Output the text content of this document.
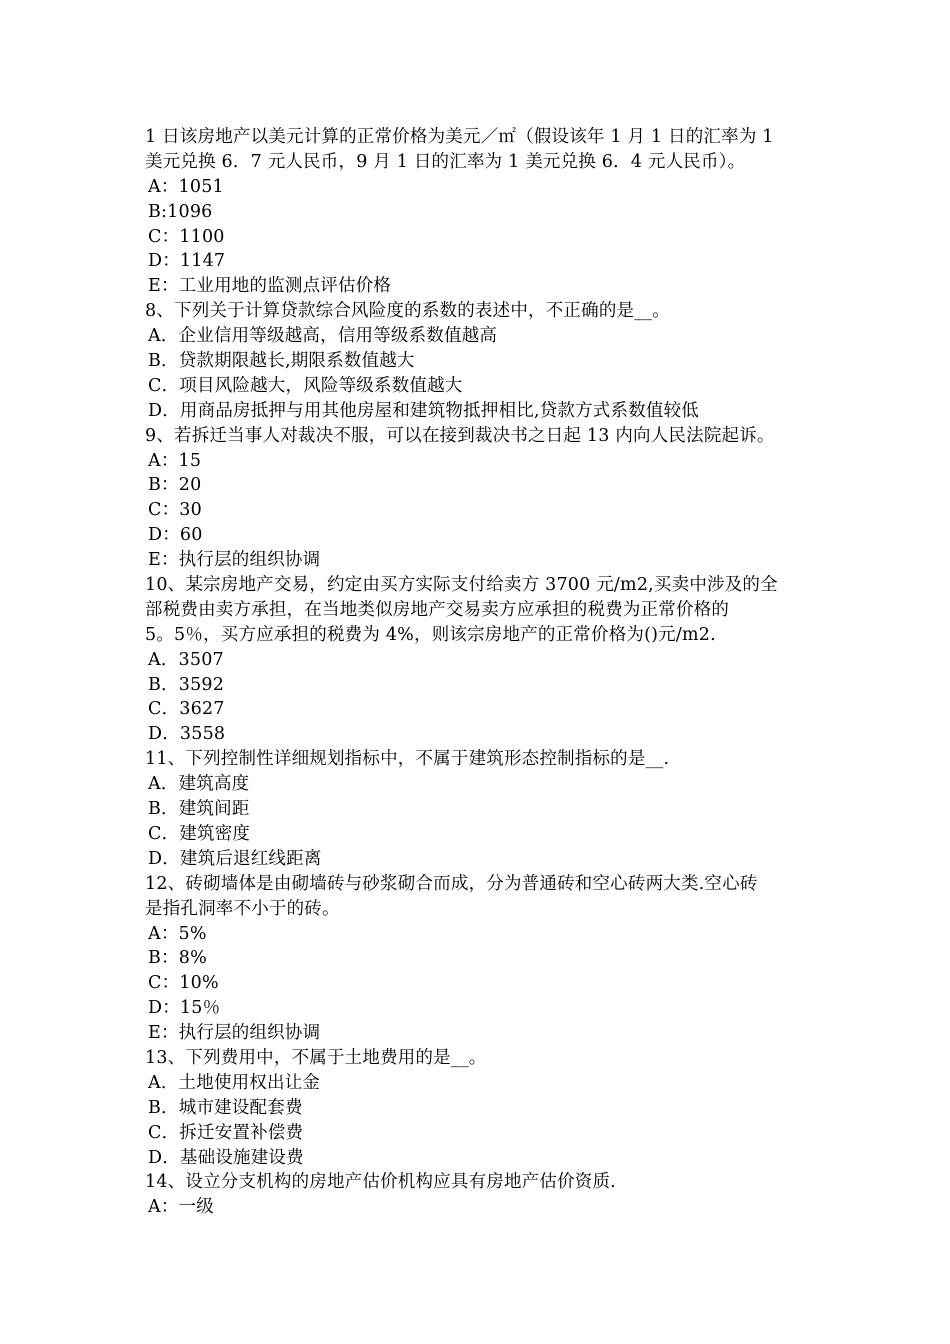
1 日该房地产以美元计算的正常价格为美元／㎡（假设该年 1 月 1 日的汇率为 1
美元兑换 6．7 元人民币，9 月 1 日的汇率为 1 美元兑换 6．4 元人民币）。
A：1051
B:1096
C：1100
D：1147
E：工业用地的监测点评估价格
8、下列关于计算贷款综合风险度的系数的表述中，不正确的是__。
A．企业信用等级越高，信用等级系数值越高
B．贷款期限越长,期限系数值越大
C．项目风险越大，风险等级系数值越大
D．用商品房抵押与用其他房屋和建筑物抵押相比,贷款方式系数值较低
9、若拆迁当事人对裁决不服，可以在接到裁决书之日起 13 内向人民法院起诉。
A：15
B：20
C：30
D：60
E：执行层的组织协调
10、某宗房地产交易，约定由买方实际支付给卖方 3700 元/m2,买卖中涉及的全
部税费由卖方承担，在当地类似房地产交易卖方应承担的税费为正常价格的
5。5％，买方应承担的税费为 4%，则该宗房地产的正常价格为()元/m2.
A．3507
B．3592
C．3627
D．3558
11、下列控制性详细规划指标中，不属于建筑形态控制指标的是__.
A．建筑高度
B．建筑间距
C．建筑密度
D．建筑后退红线距离
12、砖砌墙体是由砌墙砖与砂浆砌合而成，分为普通砖和空心砖两大类.空心砖
是指孔洞率不小于的砖。
A：5%
B：8%
C：10%
D：15％
E：执行层的组织协调
13、下列费用中，不属于土地费用的是__。
A．土地使用权出让金
B．城市建设配套费
C．拆迁安置补偿费
D．基础设施建设费
14、设立分支机构的房地产估价机构应具有房地产估价资质.
A：一级
